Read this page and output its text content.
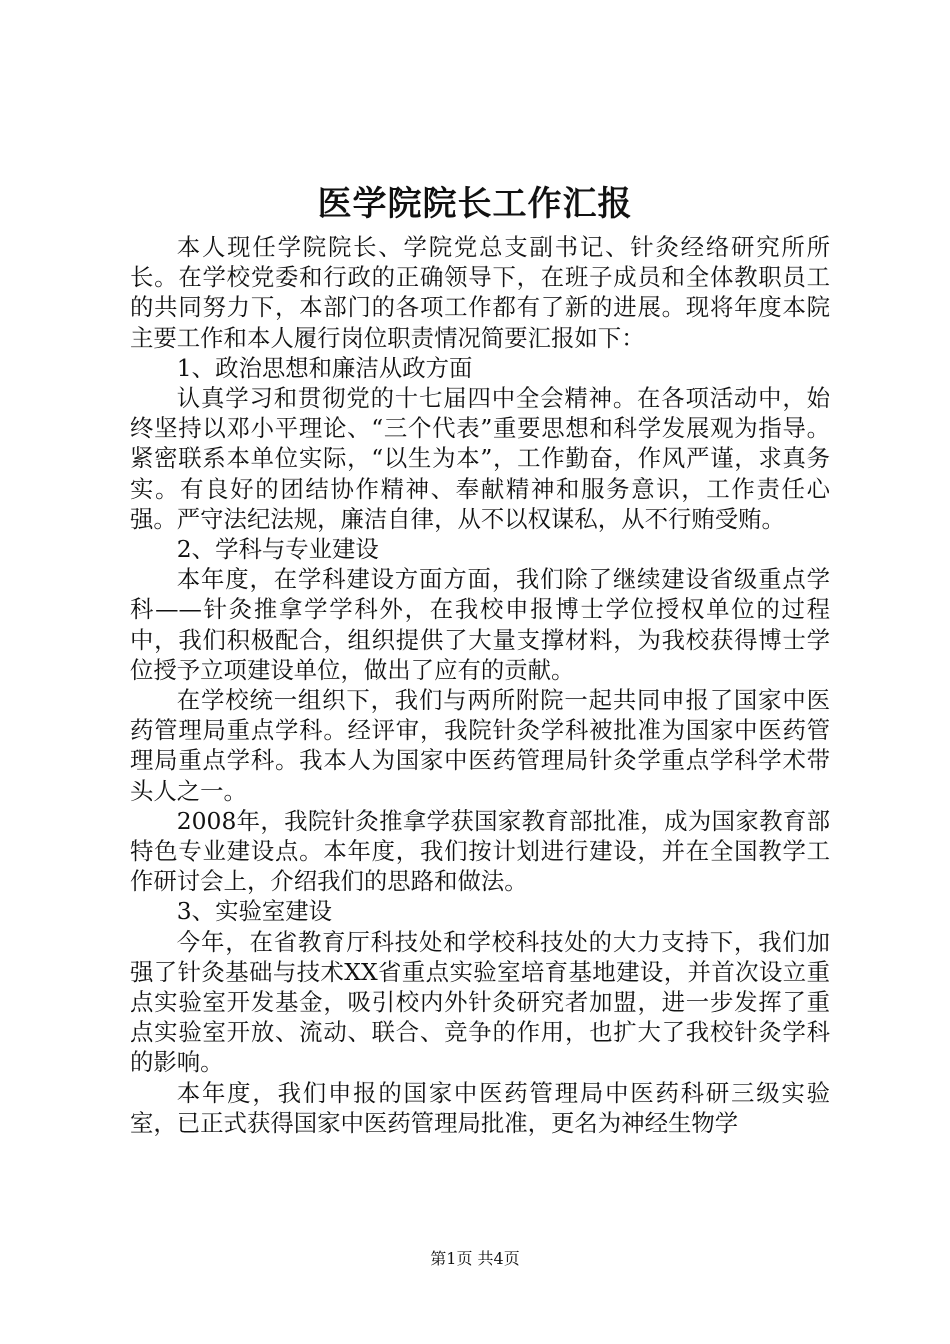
医学院院长工作汇报

本人现任学院院长、学院党总支副书记、针灸经络研究所所长。在学校党委和行政的正确领导下，在班子成员和全体教职员工的共同努力下，本部门的各项工作都有了新的进展。现将年度本院主要工作和本人履行岗位职责情况简要汇报如下：

1、政治思想和廉洁从政方面

认真学习和贯彻党的十七届四中全会精神。在各项活动中，始终坚持以邓小平理论、“三个代表”重要思想和科学发展观为指导。紧密联系本单位实际，“以生为本”，工作勤奋，作风严谨，求真务实。有良好的团结协作精神、奉献精神和服务意识，工作责任心强。严守法纪法规，廉洁自律，从不以权谋私，从不行贿受贿。

2、学科与专业建设

本年度，在学科建设方面方面，我们除了继续建设省级重点学科——针灸推拿学学科外，在我校申报博士学位授权单位的过程中，我们积极配合，组织提供了大量支撑材料，为我校获得博士学位授予立项建设单位，做出了应有的贡献。

在学校统一组织下，我们与两所附院一起共同申报了国家中医药管理局重点学科。经评审，我院针灸学科被批准为国家中医药管理局重点学科。我本人为国家中医药管理局针灸学重点学科学术带头人之一。

2008年，我院针灸推拿学获国家教育部批准，成为国家教育部特色专业建设点。本年度，我们按计划进行建设，并在全国教学工作研讨会上，介绍我们的思路和做法。

3、实验室建设

今年，在省教育厅科技处和学校科技处的大力支持下，我们加强了针灸基础与技术XX省重点实验室培育基地建设，并首次设立重点实验室开发基金，吸引校内外针灸研究者加盟，进一步发挥了重点实验室开放、流动、联合、竞争的作用，也扩大了我校针灸学科的影响。

本年度，我们申报的国家中医药管理局中医药科研三级实验室，已正式获得国家中医药管理局批准，更名为神经生物学

第1页 共4页
